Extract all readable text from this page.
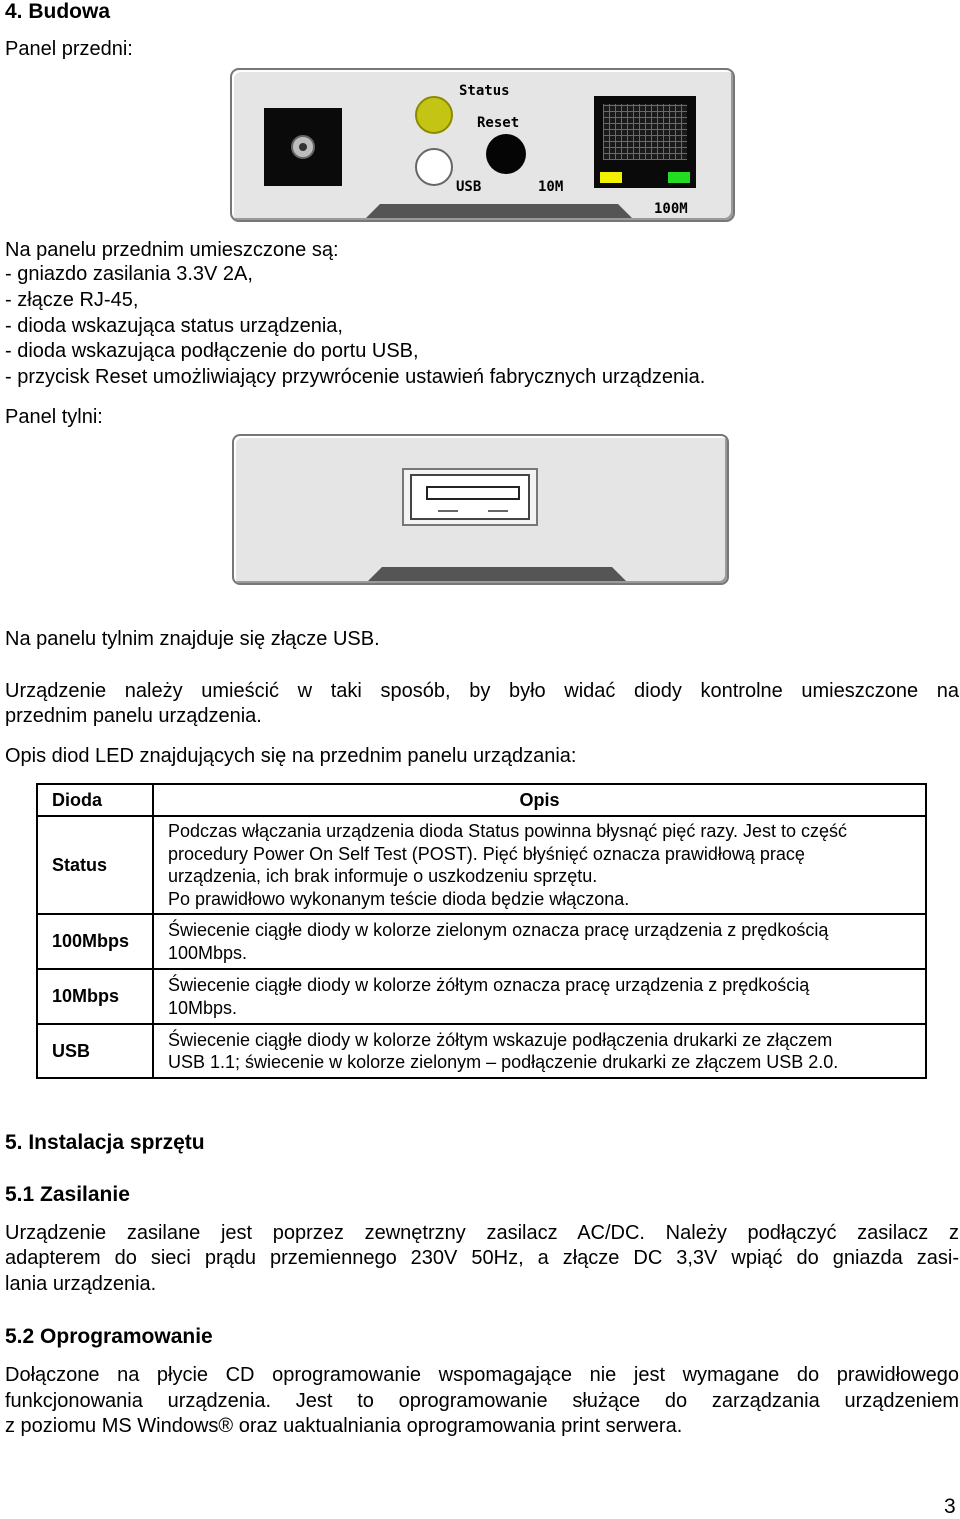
4. Budowa
Panel przedni:
Status
Reset
USB	10M
100M
Na panelu przednim umieszczone są:
- gniazdo zasilania 3.3V 2A,
- złącze RJ-45,
- dioda wskazująca status urządzenia,
- dioda wskazująca podłączenie do portu USB,
- przycisk Reset umożliwiający przywrócenie ustawień fabrycznych urządzenia.
Panel tylni:
Na panelu tylnim znajduje się złącze USB.
Urządzenie należy umieścić w taki sposób, by było widać diody kontrolne umieszczone na
przednim panelu urządzenia.
Opis diod LED znajdujących się na przednim panelu urządzania:
Dioda	Opis
Status	Podczas włączania urządzenia dioda Status powinna błysnąć pięć razy. Jest to część
procedury Power On Self Test (POST). Pięć błyśnięć oznacza prawidłową pracę
urządzenia, ich brak informuje o uszkodzeniu sprzętu.
Po prawidłowo wykonanym teście dioda będzie włączona.

100Mbps	Świecenie ciągłe diody w kolorze zielonym oznacza pracę urządzenia z prędkością
100Mbps.

10Mbps	Świecenie ciągłe diody w kolorze żółtym oznacza pracę urządzenia z prędkością
10Mbps.

USB	Świecenie ciągłe diody w kolorze żółtym wskazuje podłączenia drukarki ze złączem
USB 1.1; świecenie w kolorze zielonym – podłączenie drukarki ze złączem USB 2.0.
5. Instalacja sprzętu
5.1 Zasilanie
Urządzenie zasilane jest poprzez zewnętrzny zasilacz AC/DC. Należy podłączyć zasilacz z
adapterem do sieci prądu przemiennego 230V 50Hz, a złącze DC 3,3V wpiąć do gniazda zasi-
lania urządzenia.
5.2 Oprogramowanie
Dołączone na płycie CD oprogramowanie wspomagające nie jest wymagane do prawidłowego
funkcjonowania urządzenia. Jest to oprogramowanie służące do zarządzania urządzeniem
z poziomu MS Windows® oraz uaktualniania oprogramowania print serwera.
3
